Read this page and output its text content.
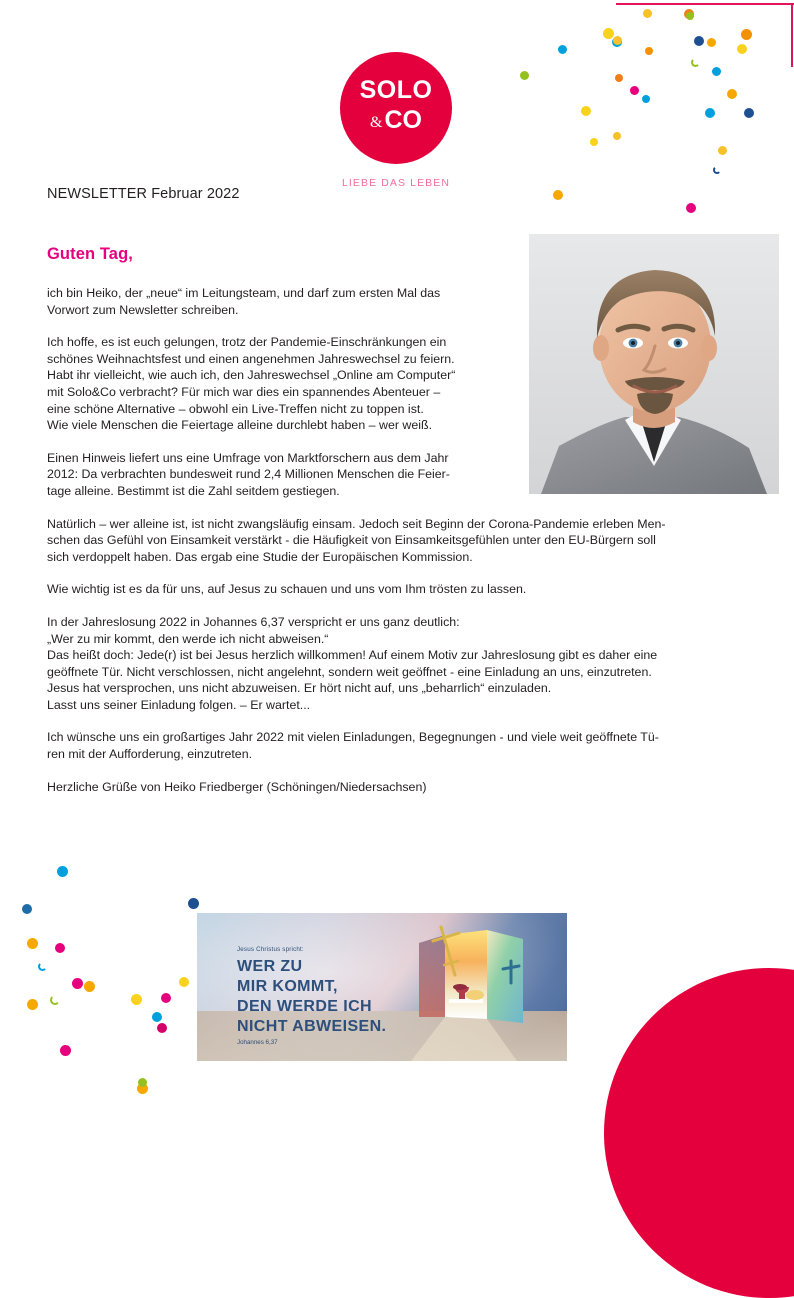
SOLO
& CO
LIEBE DAS LEBEN
NEWSLETTER Februar 2022
Guten Tag,
ich bin Heiko, der „neue“ im Leitungsteam, und darf zum ersten Mal das
Vorwort zum Newsletter schreiben.
Ich hoffe, es ist euch gelungen, trotz der Pandemie-Einschränkungen ein
schönes Weihnachtsfest und einen angenehmen Jahreswechsel zu feiern.
Habt ihr vielleicht, wie auch ich, den Jahreswechsel „Online am Computer“
mit Solo&Co verbracht? Für mich war dies ein spannendes Abenteuer –
eine schöne Alternative – obwohl ein Live-Treffen nicht zu toppen ist.
Wie viele Menschen die Feiertage alleine durchlebt haben – wer weiß.
Einen Hinweis liefert uns eine Umfrage von Marktforschern aus dem Jahr
2012: Da verbrachten bundesweit rund 2,4 Millionen Menschen die Feier-
tage alleine. Bestimmt ist die Zahl seitdem gestiegen.
Natürlich – wer alleine ist, ist nicht zwangsläufig einsam. Jedoch seit Beginn der Corona-Pandemie erleben Men-
schen das Gefühl von Einsamkeit verstärkt - die Häufigkeit von Einsamkeitsgefühlen unter den EU-Bürgern soll
sich verdoppelt haben. Das ergab eine Studie der Europäischen Kommission.
Wie wichtig ist es da für uns, auf Jesus zu schauen und uns vom Ihm trösten zu lassen.
In der Jahreslosung 2022 in Johannes 6,37 verspricht er uns ganz deutlich:
„Wer zu mir kommt, den werde ich nicht abweisen.“
Das heißt doch: Jede(r) ist bei Jesus herzlich willkommen! Auf einem Motiv zur Jahreslosung gibt es daher eine
geöffnete Tür. Nicht verschlossen, nicht angelehnt, sondern weit geöffnet - eine Einladung an uns, einzutreten.
Jesus hat versprochen, uns nicht abzuweisen. Er hört nicht auf, uns „beharrlich“ einzuladen.
Lasst uns seiner Einladung folgen. – Er wartet...
Ich wünsche uns ein großartiges Jahr 2022 mit vielen Einladungen, Begegnungen - und viele weit geöffnete Tü-
ren mit der Aufforderung, einzutreten.
Herzliche Grüße von Heiko Friedberger (Schöningen/Niedersachsen)
Jesus Christus spricht:
WER ZU
MIR KOMMT,
DEN WERDE ICH
NICHT ABWEISEN.
Johannes 6,37
